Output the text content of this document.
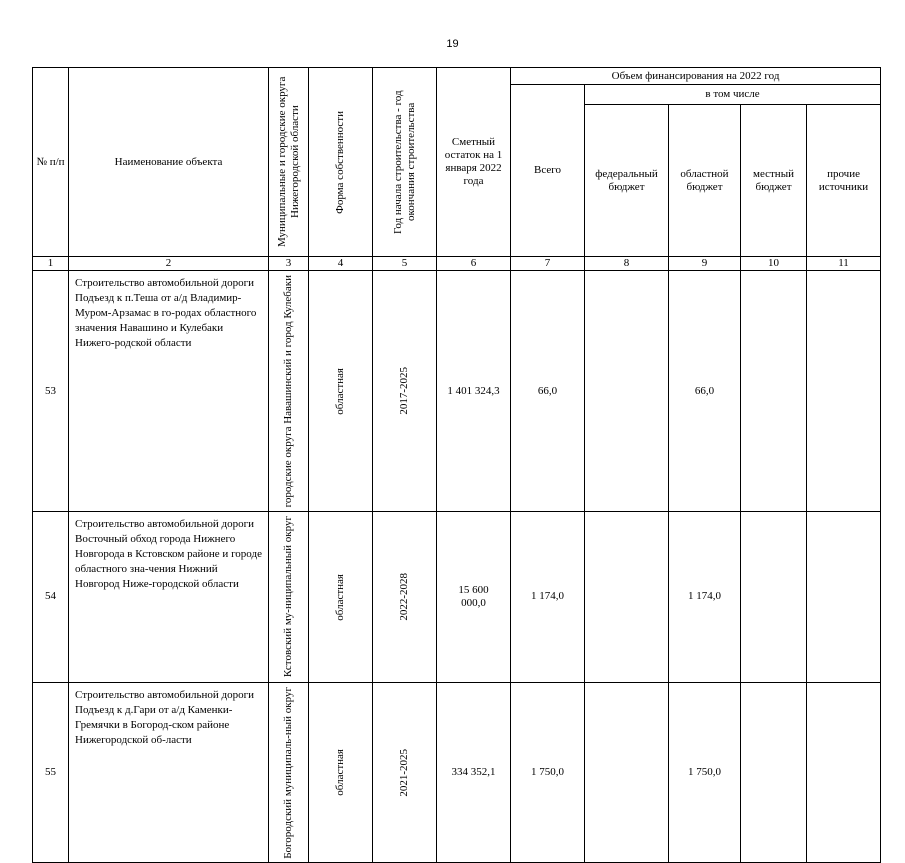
19
№ п/п	Наименование объекта	Муниципальные и городские округа Нижегородской области	Форма собственности	Год начала строительства - год окончания строительства	Сметный остаток на 1 января 2022 года	Объем финансирования на 2022 год				

						Всего	в том числе			

							федеральный бюджет	областной бюджет	местный бюджет	прочие источники

1	2	3	4	5	6	7	8	9	10	11
53	Строительство автомобильной дороги Подъезд к п.Теша от а/д Владимир-Муром-Арзамас в го-родах областного значения Навашино и Кулебаки Нижего-родской области	городские округа Навашинский и город Кулебаки	областная	2017-2025	1 401 324,3	66,0		66,0		
54	Строительство автомобильной дороги Восточный обход города Нижнего Новгорода в Кстовском районе и городе областного зна-чения Нижний Новгород Ниже-городской области	Кстовский му-ниципальный округ	областная	2022-2028	15 600 000,0	1 174,0		1 174,0		
55	Строительство автомобильной дороги Подъезд к д.Гари от а/д Каменки-Гремячки в Богород-ском районе Нижегородской об-ласти	Богородский муниципаль-ный округ	областная	2021-2025	334 352,1	1 750,0		1 750,0		
